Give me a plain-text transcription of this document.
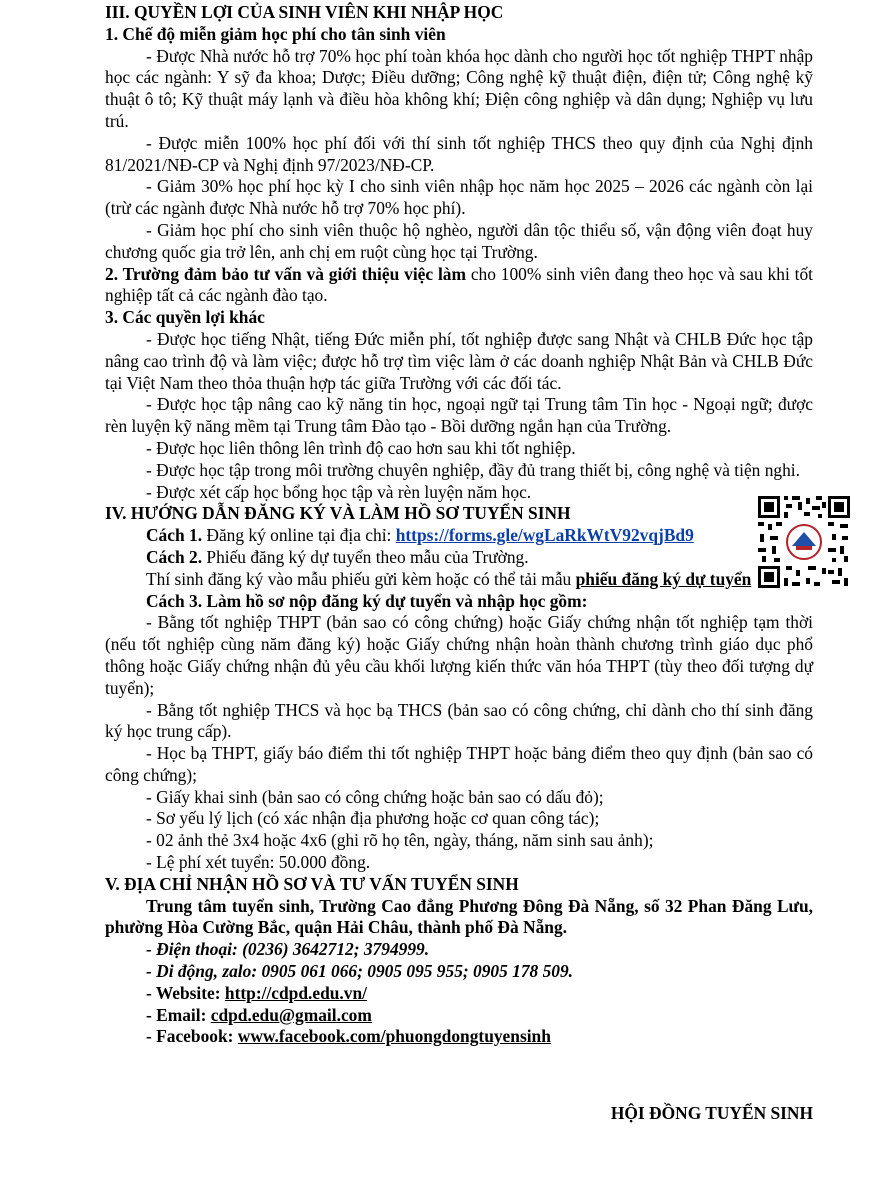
III. QUYỀN LỢI CỦA SINH VIÊN KHI NHẬP HỌC

1. Chế độ miễn giảm học phí cho tân sinh viên

- Được Nhà nước hỗ trợ 70% học phí toàn khóa học dành cho người học tốt nghiệp THPT nhập học các ngành: Y sỹ đa khoa; Dược; Điều dưỡng; Công nghệ kỹ thuật điện, điện tử; Công nghệ kỹ thuật ô tô; Kỹ thuật máy lạnh và điều hòa không khí; Điện công nghiệp và dân dụng; Nghiệp vụ lưu trú.

- Được miễn 100% học phí đối với thí sinh tốt nghiệp THCS theo quy định của Nghị định 81/2021/NĐ-CP và Nghị định 97/2023/NĐ-CP.

- Giảm 30% học phí học kỳ I cho sinh viên nhập học năm học 2025 – 2026 các ngành còn lại (trừ các ngành được Nhà nước hỗ trợ 70% học phí).

- Giảm học phí cho sinh viên thuộc hộ nghèo, người dân tộc thiểu số, vận động viên đoạt huy chương quốc gia trở lên, anh chị em ruột cùng học tại Trường.

2. Trường đảm bảo tư vấn và giới thiệu việc làm cho 100% sinh viên đang theo học và sau khi tốt nghiệp tất cả các ngành đào tạo.

3. Các quyền lợi khác

- Được học tiếng Nhật, tiếng Đức miễn phí, tốt nghiệp được sang Nhật và CHLB Đức học tập nâng cao trình độ và làm việc; được hỗ trợ tìm việc làm ở các doanh nghiệp Nhật Bản và CHLB Đức tại Việt Nam theo thỏa thuận hợp tác giữa Trường với các đối tác.

- Được học tập nâng cao kỹ năng tin học, ngoại ngữ tại Trung tâm Tin học - Ngoại ngữ; được rèn luyện kỹ năng mềm tại Trung tâm Đào tạo - Bồi dưỡng ngắn hạn của Trường.

- Được học liên thông lên trình độ cao hơn sau khi tốt nghiệp.

- Được học tập trong môi trường chuyên nghiệp, đầy đủ trang thiết bị, công nghệ và tiện nghi.

- Được xét cấp học bổng học tập và rèn luyện năm học.

IV. HƯỚNG DẪN ĐĂNG KÝ VÀ LÀM HỒ SƠ TUYỂN SINH

Cách 1. Đăng ký online tại địa chỉ: https://forms.gle/wgLaRkWtV92vqjBd9

Cách 2. Phiếu đăng ký dự tuyển theo mẫu của Trường.

Thí sinh đăng ký vào mẫu phiếu gửi kèm hoặc có thể tải mẫu phiếu đăng ký dự tuyển

Cách 3. Làm hồ sơ nộp đăng ký dự tuyển và nhập học gồm:

- Bằng tốt nghiệp THPT (bản sao có công chứng) hoặc Giấy chứng nhận tốt nghiệp tạm thời (nếu tốt nghiệp cùng năm đăng ký) hoặc Giấy chứng nhận hoàn thành chương trình giáo dục phổ thông hoặc Giấy chứng nhận đủ yêu cầu khối lượng kiến thức văn hóa THPT (tùy theo đối tượng dự tuyển);

- Bằng tốt nghiệp THCS và học bạ THCS (bản sao có công chứng, chỉ dành cho thí sinh đăng ký học trung cấp).

- Học bạ THPT, giấy báo điểm thi tốt nghiệp THPT hoặc bảng điểm theo quy định (bản sao có công chứng);

- Giấy khai sinh (bản sao có công chứng hoặc bản sao có dấu đỏ);

- Sơ yếu lý lịch (có xác nhận địa phương hoặc cơ quan công tác);

- 02 ảnh thẻ 3x4 hoặc 4x6 (ghi rõ họ tên, ngày, tháng, năm sinh sau ảnh);

- Lệ phí xét tuyển: 50.000 đồng.

V. ĐỊA CHỈ NHẬN HỒ SƠ VÀ TƯ VẤN TUYỂN SINH

Trung tâm tuyển sinh, Trường Cao đẳng Phương Đông Đà Nẵng, số 32 Phan Đăng Lưu, phường Hòa Cường Bắc, quận Hải Châu, thành phố Đà Nẵng.

- Điện thoại: (0236) 3642712; 3794999.

- Di động, zalo: 0905 061 066; 0905 095 955; 0905 178 509.

- Website: http://cdpd.edu.vn/

- Email: cdpd.edu@gmail.com

- Facebook: www.facebook.com/phuongdongtuyensinh

HỘI ĐỒNG TUYỂN SINH
